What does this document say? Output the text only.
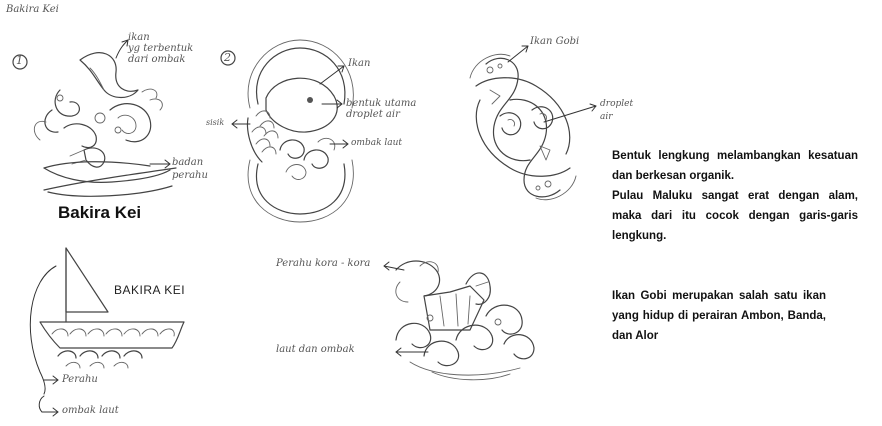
Bakira Kei
1
ikan
yg terbentuk
dari ombak
badan
perahu
Bakira Kei
2	Ikan
bentuk utama
droplet air
sisik
ombak laut
Ikan Gobi
droplet
air
BAKIRA KEI
Perahu
ombak laut
Perahu kora - kora
laut dan ombak

Bentuk lengkung melambangkan kesatuan dan berkesan organik.

Pulau Maluku sangat erat dengan alam, maka dari itu cocok dengan garis-garis lengkung.

Ikan Gobi merupakan salah satu ikan yang hidup di perairan Ambon, Banda, dan Alor
